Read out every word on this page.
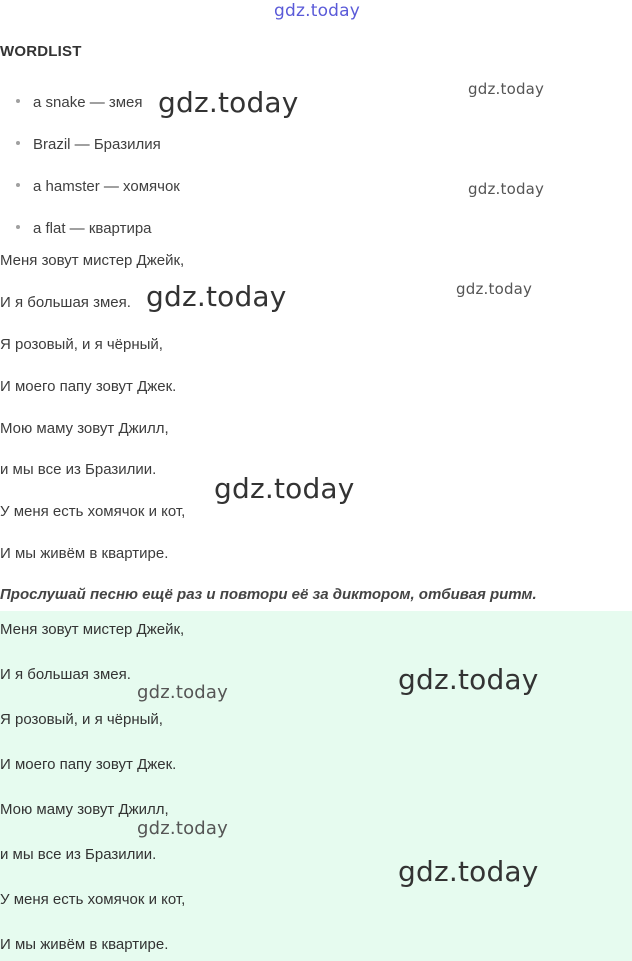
gdz.today
WORDLIST
a snake — змея
Brazil — Бразилия
a hamster — хомячок
a flat — квартира
Меня зовут мистер Джейк,
И я большая змея.
Я розовый, и я чёрный,
И моего папу зовут Джек.
Мою маму зовут Джилл,
и мы все из Бразилии.
У меня есть хомячок и кот,
И мы живём в квартире.
Прослушай песню ещё раз и повтори её за диктором, отбивая ритм.
Меня зовут мистер Джейк,
И я большая змея.
Я розовый, и я чёрный,
И моего папу зовут Джек.
Мою маму зовут Джилл,
и мы все из Бразилии.
У меня есть хомячок и кот,
И мы живём в квартире.
gdz.today	gdz.today
gdz.today
gdz.today	gdz.today
gdz.today
gdz.today
gdz.today
gdz.today
gdz.today
